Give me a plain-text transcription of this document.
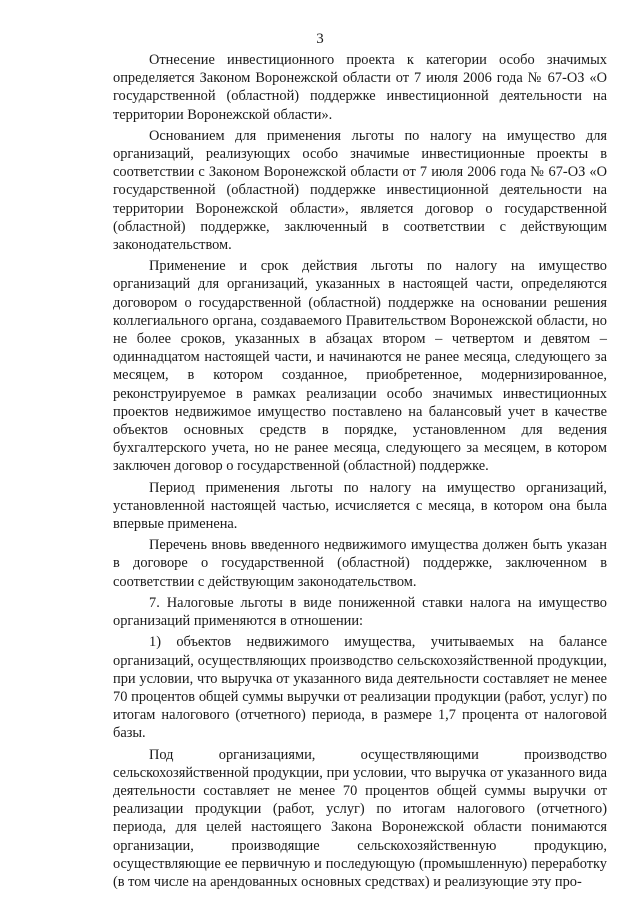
3

Отнесение инвестиционного проекта к категории особо значимых определяется Законом Воронежской области от 7 июля 2006 года № 67-ОЗ «О государственной (областной) поддержке инвестиционной деятельности на территории Воронежской области».

Основанием для применения льготы по налогу на имущество для организаций, реализующих особо значимые инвестиционные проекты в соответствии с Законом Воронежской области от 7 июля 2006 года № 67-ОЗ «О государственной (областной) поддержке инвестиционной деятельности на территории Воронежской области», является договор о государственной (областной) поддержке, заключенный в соответствии с действующим законодательством.

Применение и срок действия льготы по налогу на имущество организаций для организаций, указанных в настоящей части, определяются договором о государственной (областной) поддержке на основании решения коллегиального органа, создаваемого Правительством Воронежской области, но не более сроков, указанных в абзацах втором – четвертом и девятом – одиннадцатом настоящей части, и начинаются не ранее месяца, следующего за месяцем, в котором созданное, приобретенное, модернизированное, реконструируемое в рамках реализации особо значимых инвестиционных проектов недвижимое имущество поставлено на балансовый учет в качестве объектов основных средств в порядке, установленном для ведения бухгалтерского учета, но не ранее месяца, следующего за месяцем, в котором заключен договор о государственной (областной) поддержке.

Период применения льготы по налогу на имущество организаций, установленной настоящей частью, исчисляется с месяца, в котором она была впервые применена.

Перечень вновь введенного недвижимого имущества должен быть указан в договоре о государственной (областной) поддержке, заключенном в соответствии с действующим законодательством.

7. Налоговые льготы в виде пониженной ставки налога на имущество организаций применяются в отношении:

1) объектов недвижимого имущества, учитываемых на балансе организаций, осуществляющих производство сельскохозяйственной продукции, при условии, что выручка от указанного вида деятельности составляет не менее 70 процентов общей суммы выручки от реализации продукции (работ, услуг) по итогам налогового (отчетного) периода, в размере 1,7 процента от налоговой базы.

Под организациями, осуществляющими производство сельскохозяйственной продукции, при условии, что выручка от указанного вида деятельности составляет не менее 70 процентов общей суммы выручки от реализации продукции (работ, услуг) по итогам налогового (отчетного) периода, для целей настоящего Закона Воронежской области понимаются организации, производящие сельскохозяйственную продукцию, осуществляющие ее первичную и последующую (промышленную) переработку (в том числе на арендованных основных средствах) и реализующие эту про-
